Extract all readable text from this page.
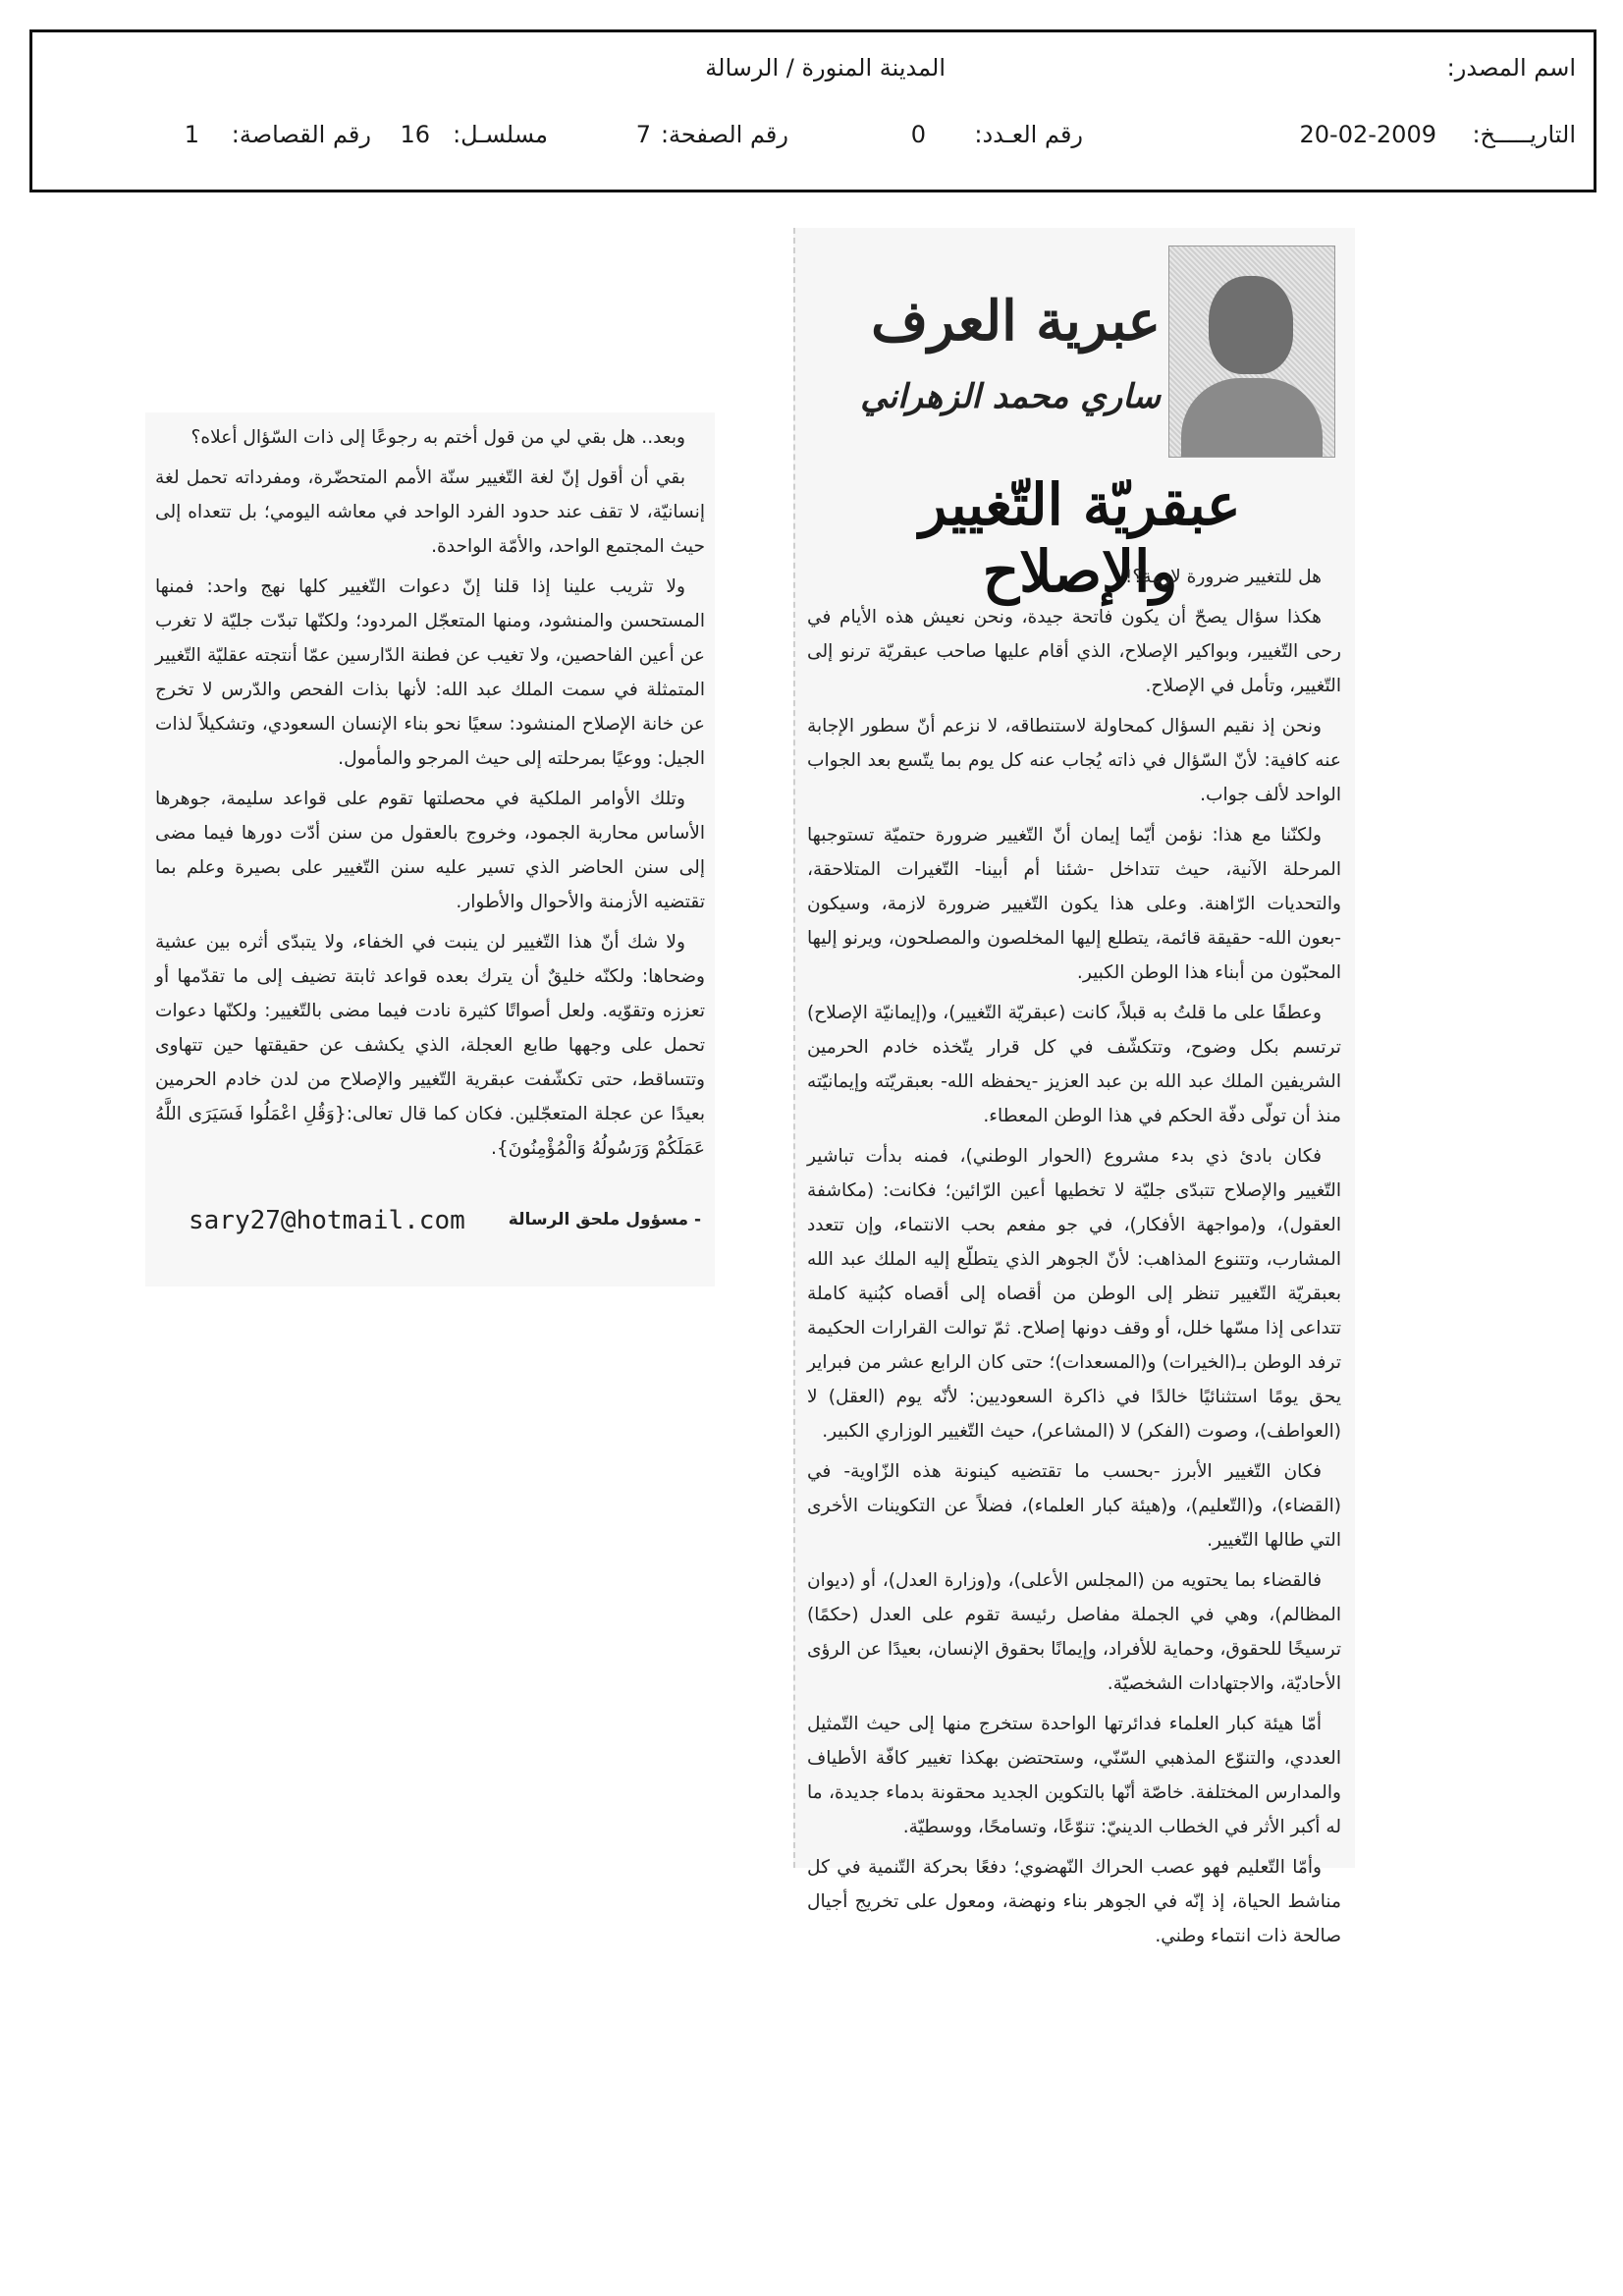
اسم المصدر:
المدينة المنورة / الرسالة
التاريـــــخ:
20-02-2009
رقم العـدد:
0
رقم الصفحة:
7
مسلسـل:
16
رقم القصاصة:
1
عبرية العرف
ساري محمد الزهراني
عبقريّة التّغيير والإصلاح

هل للتغيير ضرورة لازمة؟!

هكذا سؤال يصحّ أن يكون فاتحة جيدة، ونحن نعيش هذه الأيام في رحى التّغيير، وبواكير الإصلاح، الذي أقام عليها صاحب عبقريّة ترنو إلى التّغيير، وتأمل في الإصلاح.

ونحن إذ نقيم السؤال كمحاولة لاستنطاقه، لا نزعم أنّ سطور الإجابة عنه كافية: لأنّ السّؤال في ذاته يُجاب عنه كل يوم بما يتّسع بعد الجواب الواحد لألف جواب.

ولكنّنا مع هذا: نؤمن أيّما إيمان أنّ التّغيير ضرورة حتميّة تستوجبها المرحلة الآنية، حيث تتداخل -شئنا أم أبينا- التّغيرات المتلاحقة، والتحديات الرّاهنة. وعلى هذا يكون التّغيير ضرورة لازمة، وسيكون -بعون الله- حقيقة قائمة، يتطلع إليها المخلصون والمصلحون، ويرنو إليها المحبّون من أبناء هذا الوطن الكبير.

وعطفًا على ما قلتُ به قبلاً، كانت (عبقريّة التّغيير)، و(إيمانيّة الإصلاح) ترتسم بكل وضوح، وتتكشّف في كل قرار يتّخذه خادم الحرمين الشريفين الملك عبد الله بن عبد العزيز -يحفظه الله- بعبقريّته وإيمانيّته منذ أن تولّى دفّة الحكم في هذا الوطن المعطاء.

فكان بادئ ذي بدء مشروع (الحوار الوطني)، فمنه بدأت تباشير التّغيير والإصلاح تتبدّى جليّة لا تخطيها أعين الرّائين؛ فكانت: (مكاشفة العقول)، و(مواجهة الأفكار)، في جو مفعم بحب الانتماء، وإن تتعدد المشارب، وتتنوع المذاهب: لأنّ الجوهر الذي يتطلّع إليه الملك عبد الله بعبقريّة التّغيير تنظر إلى الوطن من أقصاه إلى أقصاه كبُنية كاملة تتداعى إذا مسّها خلل، أو وقف دونها إصلاح. ثمّ توالت القرارات الحكيمة ترفد الوطن بـ(الخيرات) و(المسعدات)؛ حتى كان الرابع عشر من فبراير يحق يومًا استثنائيًا خالدًا في ذاكرة السعوديين: لأنّه يوم (العقل) لا (العواطف)، وصوت (الفكر) لا (المشاعر)، حيث التّغيير الوزاري الكبير.

فكان التّغيير الأبرز -بحسب ما تقتضيه كينونة هذه الزّاوية- في (القضاء)، و(التّعليم)، و(هيئة كبار العلماء)، فضلاً عن التكوينات الأخرى التي طالها التّغيير.

فالقضاء بما يحتويه من (المجلس الأعلى)، و(وزارة العدل)، أو (ديوان المظالم)، وهي في الجملة مفاصل رئيسة تقوم على العدل (حكمًا) ترسيخًا للحقوق، وحماية للأفراد، وإيمانًا بحقوق الإنسان، بعيدًا عن الرؤى الأحاديّة، والاجتهادات الشخصيّة.

أمّا هيئة كبار العلماء فدائرتها الواحدة ستخرج منها إلى حيث التّمثيل العددي، والتنوّع المذهبي السّنّي، وستحتضن بهكذا تغيير كافّة الأطياف والمدارس المختلفة. خاصّة أنّها بالتكوين الجديد محقونة بدماء جديدة، ما له أكبر الأثر في الخطاب الدينيّ: تنوّعًا، وتسامحًا، ووسطيّة.

وأمّا التّعليم فهو عصب الحراك النّهضوي؛ دفعًا بحركة التّنمية في كل مناشط الحياة، إذ إنّه في الجوهر بناء ونهضة، ومعول على تخريج أجيال صالحة ذات انتماء وطني.

وبعد.. هل بقي لي من قول أختم به رجوعًا إلى ذات السّؤال أعلاه؟

بقي أن أقول إنّ لغة التّغيير سنّة الأمم المتحضّرة، ومفرداته تحمل لغة إنسانيّة، لا تقف عند حدود الفرد الواحد في معاشه اليومي؛ بل تتعداه إلى حيث المجتمع الواحد، والأمّة الواحدة.

ولا تثريب علينا إذا قلنا إنّ دعوات التّغيير كلها نهج واحد: فمنها المستحسن والمنشود، ومنها المتعجّل المردود؛ ولكنّها تبدّت جليّة لا تغرب عن أعين الفاحصين، ولا تغيب عن فطنة الدّارسين عمّا أنتجته عقليّة التّغيير المتمثلة في سمت الملك عبد الله: لأنها بذات الفحص والدّرس لا تخرج عن خانة الإصلاح المنشود: سعيًا نحو بناء الإنسان السعودي، وتشكيلاً لذات الجيل: ووعيًا بمرحلته إلى حيث المرجو والمأمول.

وتلك الأوامر الملكية في محصلتها تقوم على قواعد سليمة، جوهرها الأساس محاربة الجمود، وخروج بالعقول من سنن أدّت دورها فيما مضى إلى سنن الحاضر الذي تسير عليه سنن التّغيير على بصيرة وعلم بما تقتضيه الأزمنة والأحوال والأطوار.

ولا شك أنّ هذا التّغيير لن ينبت في الخفاء، ولا يتبدّى أثره بين عشية وضحاها: ولكنّه خليقٌ أن يترك بعده قواعد ثابتة تضيف إلى ما تقدّمها أو تعززه وتقوّيه. ولعل أصواتًا كثيرة نادت فيما مضى بالتّغيير: ولكنّها دعوات تحمل على وجهها طابع العجلة، الذي يكشف عن حقيقتها حين تتهاوى وتتساقط، حتى تكشّفت عبقرية التّغيير والإصلاح من لدن خادم الحرمين بعيدًا عن عجلة المتعجّلين. فكان كما قال تعالى:{وَقُلِ اعْمَلُوا فَسَيَرَى اللَّهُ عَمَلَكُمْ وَرَسُولُهُ وَالْمُؤْمِنُونَ}.

sary27@hotmail.com	- مسؤول ملحق الرسالة
